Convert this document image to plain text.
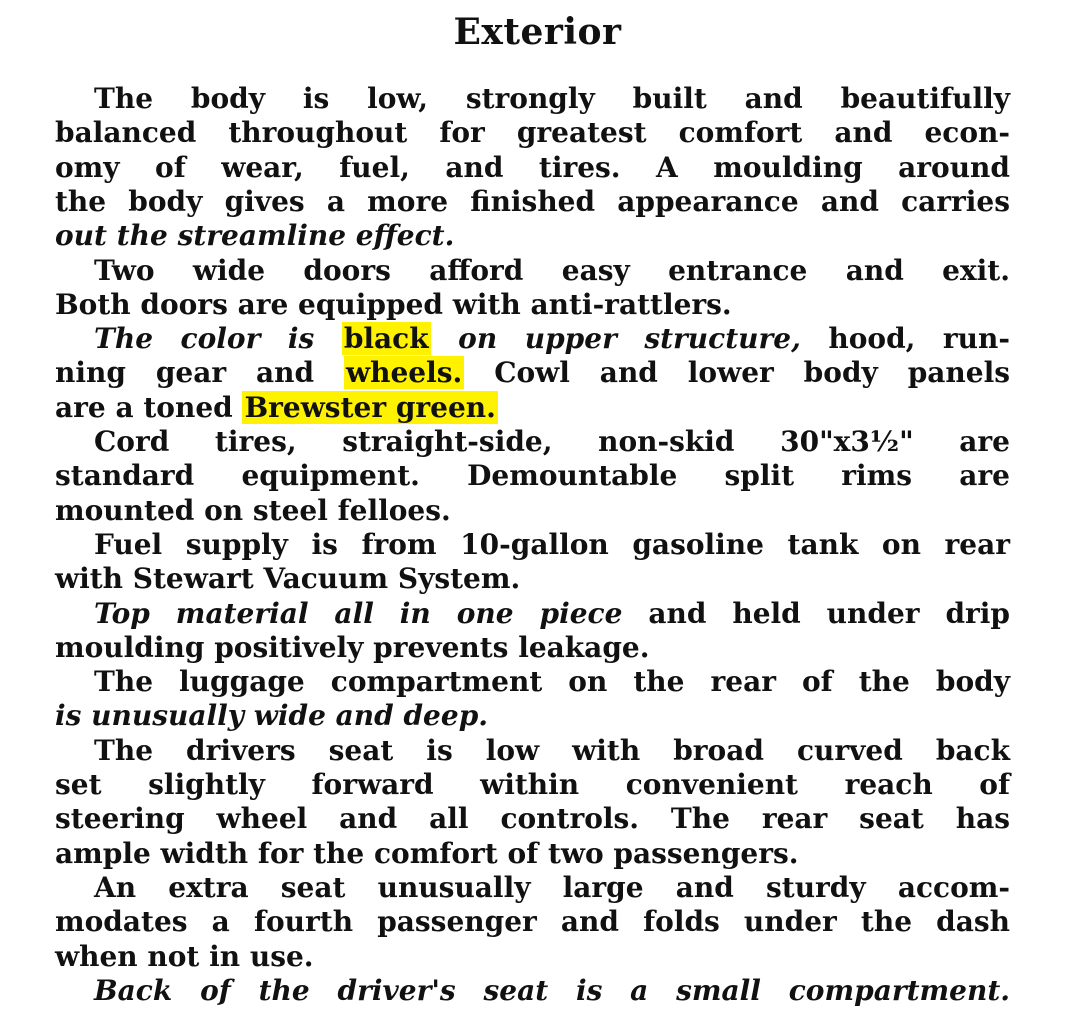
Exterior
The body is low, strongly built and beautifully
balanced throughout for greatest comfort and econ-
omy of wear, fuel, and tires. A moulding around
the body gives a more finished appearance and carries
out the streamline effect.
Two wide doors afford easy entrance and exit.
Both doors are equipped with anti-rattlers.
The color is black on upper structure, hood, run-
ning gear and wheels. Cowl and lower body panels
are a toned Brewster green.
Cord tires, straight-side, non-skid 30"x3½" are
standard equipment. Demountable split rims are
mounted on steel felloes.
Fuel supply is from 10-gallon gasoline tank on rear
with Stewart Vacuum System.
Top material all in one piece and held under drip
moulding positively prevents leakage.
The luggage compartment on the rear of the body
is unusually wide and deep.
The drivers seat is low with broad curved back
set slightly forward within convenient reach of
steering wheel and all controls. The rear seat has
ample width for the comfort of two passengers.
An extra seat unusually large and sturdy accom-
modates a fourth passenger and folds under the dash
when not in use.
Back of the driver's seat is a small compartment.
